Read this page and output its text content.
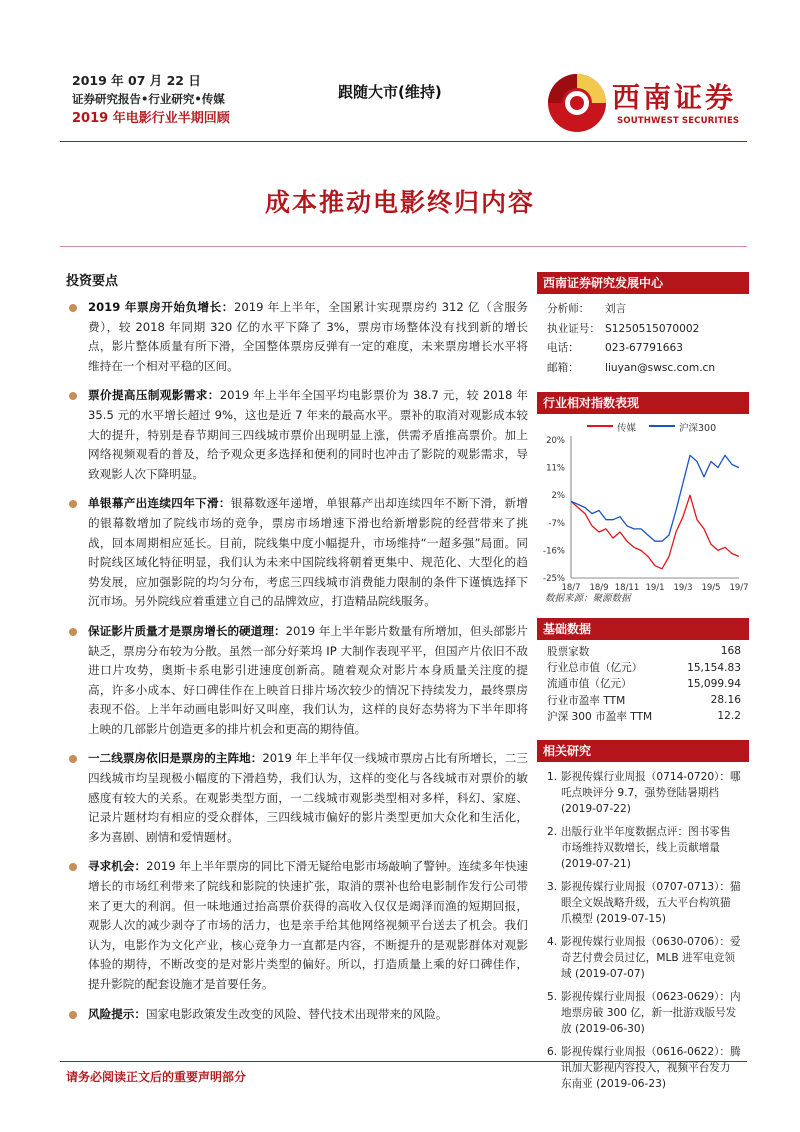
2019 年 07 月 22 日
证券研究报告•行业研究•传媒
2019 年电影行业半期回顾
跟随大市(维持)	西南证券
SOUTHWEST SECURITIES
成本推动电影终归内容
投资要点
2019 年票房开始负增长：2019 年上半年，全国累计实现票房约 312 亿（含服务费），较 2018 年同期 320 亿的水平下降了 3%，票房市场整体没有找到新的增长点，影片整体质量有所下滑，全国整体票房反弹有一定的难度，未来票房增长水平将维持在一个相对平稳的区间。
票价提高压制观影需求：2019 年上半年全国平均电影票价为 38.7 元，较 2018 年 35.5 元的水平增长超过 9%，这也是近 7 年来的最高水平。票补的取消对观影成本较大的提升，特别是春节期间三四线城市票价出现明显上涨，供需矛盾推高票价。加上网络视频观看的普及，给予观众更多选择和便利的同时也冲击了影院的观影需求，导致观影人次下降明显。
单银幕产出连续四年下滑：银幕数逐年递增，单银幕产出却连续四年不断下滑，新增的银幕数增加了院线市场的竞争，票房市场增速下滑也给新增影院的经营带来了挑战，回本周期相应延长。目前，院线集中度小幅提升，市场维持“一超多强”局面。同时院线区域化特征明显，我们认为未来中国院线将朝着更集中、规范化、大型化的趋势发展，应加强影院的均匀分布，考虑三四线城市消费能力限制的条件下谨慎选择下沉市场。另外院线应着重建立自己的品牌效应，打造精品院线服务。
保证影片质量才是票房增长的硬道理：2019 年上半年影片数量有所增加，但头部影片缺乏，票房分布较为分散。虽然一部分好莱坞 IP 大制作表现平平，但国产片依旧不敌进口片攻势，奥斯卡系电影引进速度创新高。随着观众对影片本身质量关注度的提高，许多小成本、好口碑佳作在上映首日排片场次较少的情况下持续发力，最终票房表现不俗。上半年动画电影叫好又叫座，我们认为，这样的良好态势将为下半年即将上映的几部影片创造更多的排片机会和更高的期待值。
一二线票房依旧是票房的主阵地：2019 年上半年仅一线城市票房占比有所增长，二三四线城市均呈现极小幅度的下滑趋势，我们认为，这样的变化与各线城市对票价的敏感度有较大的关系。在观影类型方面，一二线城市观影类型相对多样，科幻、家庭、记录片题材均有相应的受众群体，三四线城市偏好的影片类型更加大众化和生活化，多为喜剧、剧情和爱情题材。
寻求机会：2019 年上半年票房的同比下滑无疑给电影市场敲响了警钟。连续多年快速增长的市场红利带来了院线和影院的快速扩张，取消的票补也给电影制作发行公司带来了更大的利润。但一味地通过抬高票价获得的高收入仅仅是竭泽而渔的短期回报，观影人次的减少剥夺了市场的活力，也是亲手给其他网络视频平台送去了机会。我们认为，电影作为文化产业，核心竞争力一直都是内容，不断提升的是观影群体对观影体验的期待，不断改变的是对影片类型的偏好。所以，打造质量上乘的好口碑佳作，提升影院的配套设施才是首要任务。
风险提示：国家电影政策发生改变的风险、替代技术出现带来的风险。
西南证券研究发展中心
分析师： 刘言
执业证号： S1250515070002
电话： 023-67791663
邮箱： liuyan@swsc.com.cn
行业相对指数表现
传媒	沪深300
20%
11%
2%
-7%
-16%
-25%
18/7 18/9 18/11 19/1 19/3 19/5 19/7
数据来源：聚源数据
基础数据
股票家数	168
行业总市值（亿元）	15,154.83
流通市值（亿元）	15,099.94
行业市盈率 TTM	28.16
沪深 300 市盈率 TTM	12.2
相关研究
1. 影视传媒行业周报（0714-0720）：哪吒点映评分 9.7，强势登陆暑期档 (2019-07-22)
2. 出版行业半年度数据点评：图书零售市场维持双数增长，线上贡献增量 (2019-07-21)
3. 影视传媒行业周报（0707-0713）：猫眼全文娱战略升级，五大平台构筑猫爪模型 (2019-07-15)
4. 影视传媒行业周报（0630-0706）：爱奇艺付费会员过亿，MLB 进军电竞领域 (2019-07-07)
5. 影视传媒行业周报（0623-0629）：内地票房破 300 亿，新一批游戏版号发放 (2019-06-30)
6. 影视传媒行业周报（0616-0622）：腾讯加大影视内容投入，视频平台发力东南亚 (2019-06-23)
请务必阅读正文后的重要声明部分
